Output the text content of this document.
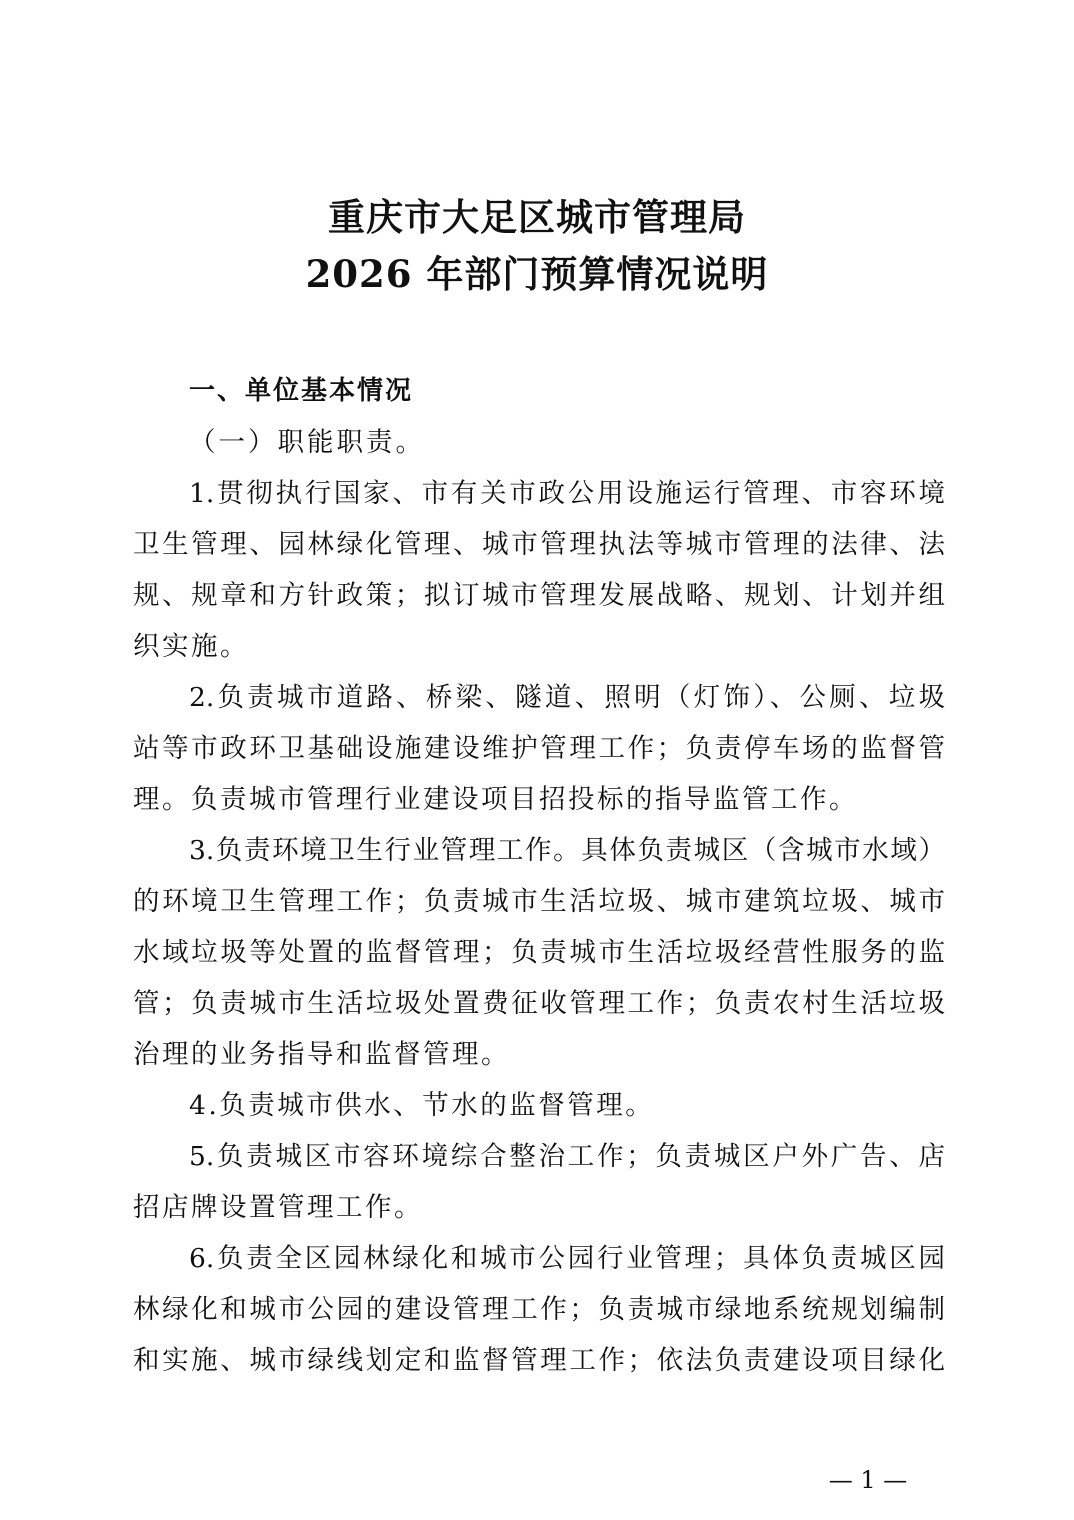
重庆市大足区城市管理局
2026 年部门预算情况说明
一、单位基本情况
（一）职能职责。
1.贯彻执行国家、市有关市政公用设施运行管理、市容环境
卫生管理、园林绿化管理、城市管理执法等城市管理的法律、法
规、规章和方针政策；拟订城市管理发展战略、规划、计划并组
织实施。
2.负责城市道路、桥梁、隧道、照明（灯饰）、公厕、垃圾
站等市政环卫基础设施建设维护管理工作；负责停车场的监督管
理。负责城市管理行业建设项目招投标的指导监管工作。
3.负责环境卫生行业管理工作。具体负责城区（含城市水域）
的环境卫生管理工作；负责城市生活垃圾、城市建筑垃圾、城市
水域垃圾等处置的监督管理；负责城市生活垃圾经营性服务的监
管；负责城市生活垃圾处置费征收管理工作；负责农村生活垃圾
治理的业务指导和监督管理。
4.负责城市供水、节水的监督管理。
5.负责城区市容环境综合整治工作；负责城区户外广告、店
招店牌设置管理工作。
6.负责全区园林绿化和城市公园行业管理；具体负责城区园
林绿化和城市公园的建设管理工作；负责城市绿地系统规划编制
和实施、城市绿线划定和监督管理工作；依法负责建设项目绿化
— 1 —
